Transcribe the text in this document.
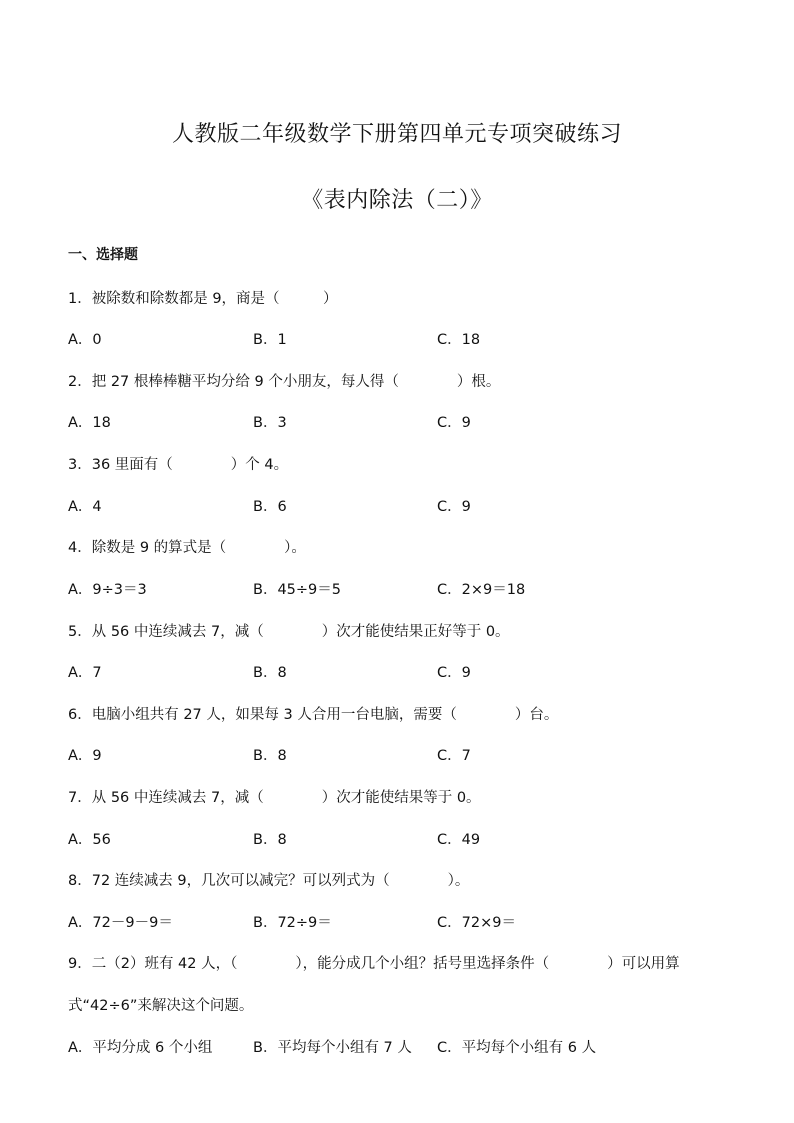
人教版二年级数学下册第四单元专项突破练习
《表内除法（二）》
一、选择题
1．被除数和除数都是 9，商是（　　　）
A．0	B．1	C．18
2．把 27 根棒棒糖平均分给 9 个小朋友，每人得（　　　　）根。
A．18	B．3	C．9
3．36 里面有（　　　　）个 4。
A．4	B．6	C．9
4．除数是 9 的算式是（　　　　）。
A．9÷3＝3	B．45÷9＝5	C．2×9＝18
5．从 56 中连续减去 7，减（　　　　）次才能使结果正好等于 0。
A．7	B．8	C．9
6．电脑小组共有 27 人，如果每 3 人合用一台电脑，需要（　　　　）台。
A．9	B．8	C．7
7．从 56 中连续减去 7，减（　　　　）次才能使结果等于 0。
A．56	B．8	C．49
8．72 连续减去 9，几次可以减完？可以列式为（　　　　）。
A．72－9－9＝	B．72÷9＝	C．72×9＝
9．二（2）班有 42 人，（　　　　），能分成几个小组？括号里选择条件（　　　　）可以用算
式“42÷6”来解决这个问题。
A．平均分成 6 个小组	B．平均每个小组有 7 人 C．平均每个小组有 6 人
